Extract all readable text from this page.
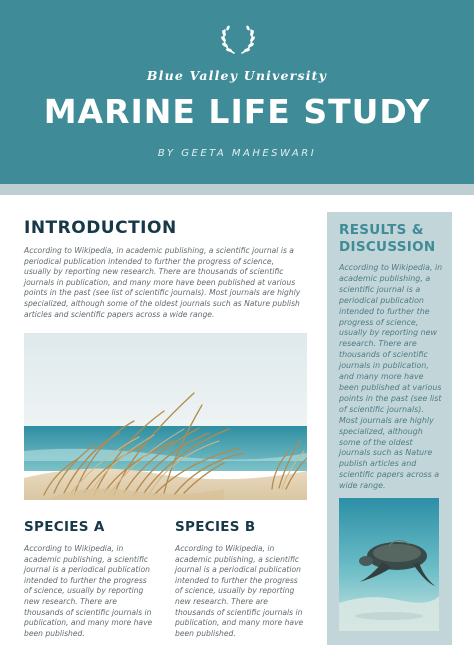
Blue Valley University
MARINE LIFE STUDY
BY GEETA MAHESWARI
INTRODUCTION
According to Wikipedia, in academic publishing, a scientific journal is a periodical publication intended to further the progress of science, usually by reporting new research. There are thousands of scientific journals in publication, and many more have been published at various points in the past (see list of scientific journals). Most journals are highly specialized, although some of the oldest journals such as Nature publish articles and scientific papers across a wide range.
SPECIES A	SPECIES B
According to Wikipedia, in academic publishing, a scientific journal is a periodical publication intended to further the progress of science, usually by reporting new research. There are thousands of scientific journals in publication, and many more have been published.
According to Wikipedia, in academic publishing, a scientific journal is a periodical publication intended to further the progress of science, usually by reporting new research. There are thousands of scientific journals in publication, and many more have been published.
RESULTS & DISCUSSION
According to Wikipedia, in academic publishing, a scientific journal is a periodical publication intended to further the progress of science, usually by reporting new research. There are thousands of scientific journals in publication, and many more have been published at various points in the past (see list of scientific journals). Most journals are highly specialized, although some of the oldest journals such as Nature publish articles and scientific papers across a wide range.
